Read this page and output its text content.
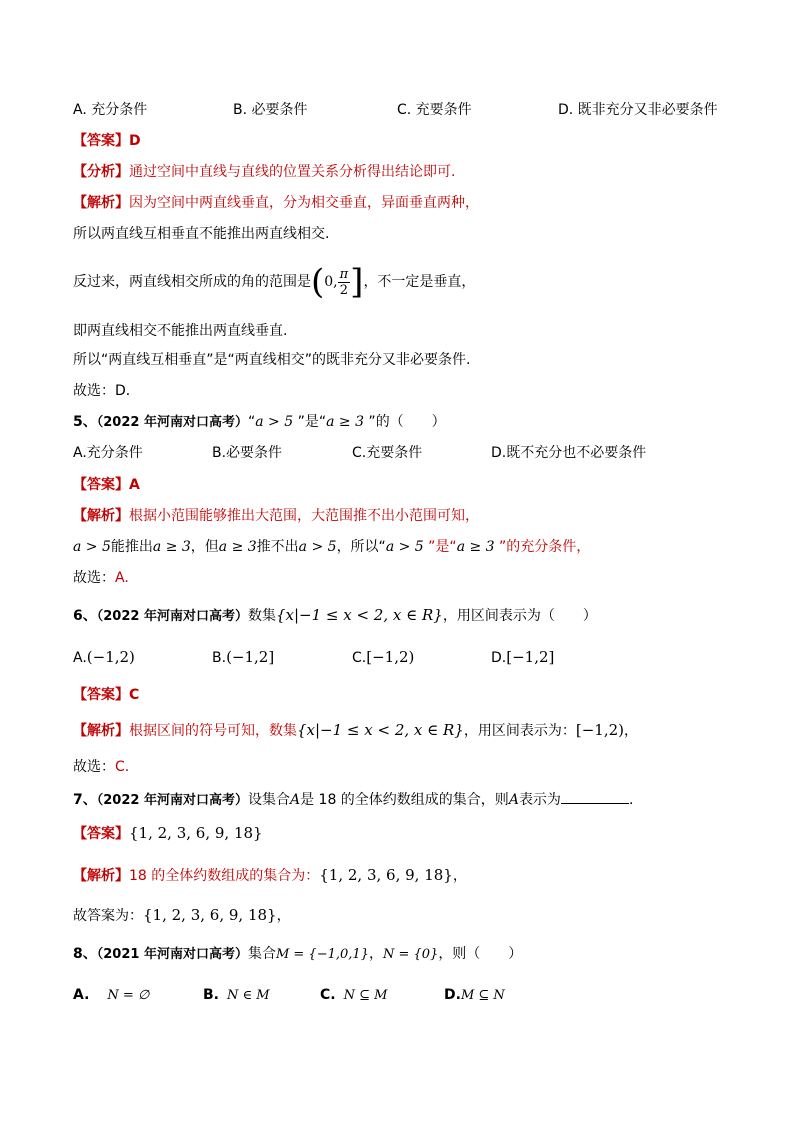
A. 充分条件	B. 必要条件	C. 充要条件	D. 既非充分又非必要条件
【答案】D
【分析】通过空间中直线与直线的位置关系分析得出结论即可.
【解析】因为空间中两直线垂直，分为相交垂直，异面垂直两种，
所以两直线互相垂直不能推出两直线相交.
反过来，两直线相交所成的角的范围是(0, $\frac{\pi}{2}$ ]，不一定是垂直，
即两直线相交不能推出两直线垂直.
所以“两直线互相垂直”是“两直线相交”的既非充分又非必要条件.
故选：D．
5、（2022 年河南对口高考）“a > 5 ”是“a ≥ 3 ”的（　　）
A.充分条件	B.必要条件	C.充要条件	D.既不充分也不必要条件
【答案】A
【解析】根据小范围能够推出大范围，大范围推不出小范围可知，
a > 5能推出a ≥ 3，但a ≥ 3推不出a > 5，所以“a > 5 ”是“a ≥ 3 ”的充分条件，
故选：A.
6、（2022 年河南对口高考）数集{x|−1 ≤ x < 2, x ∈ R}，用区间表示为（　　）
A.(−1,2)	B.(−1,2]	C.[−1,2)	D.[−1,2]
【答案】C
【解析】根据区间的符号可知，数集{x|−1 ≤ x < 2, x ∈ R}，用区间表示为：[−1,2)，
故选：C.
7、（2022 年河南对口高考）设集合A是 18 的全体约数组成的集合，则A表示为	.
【答案】{1, 2, 3, 6, 9, 18}
【解析】18 的全体约数组成的集合为：{1, 2, 3, 6, 9, 18}，
故答案为：{1, 2, 3, 6, 9, 18}，
8、（2021 年河南对口高考）集合M = {−1,0,1}，N = {0}，则（　　）
A. N = ∅	B. N ∈ M	C. N ⊆ M	D.M ⊆ N
